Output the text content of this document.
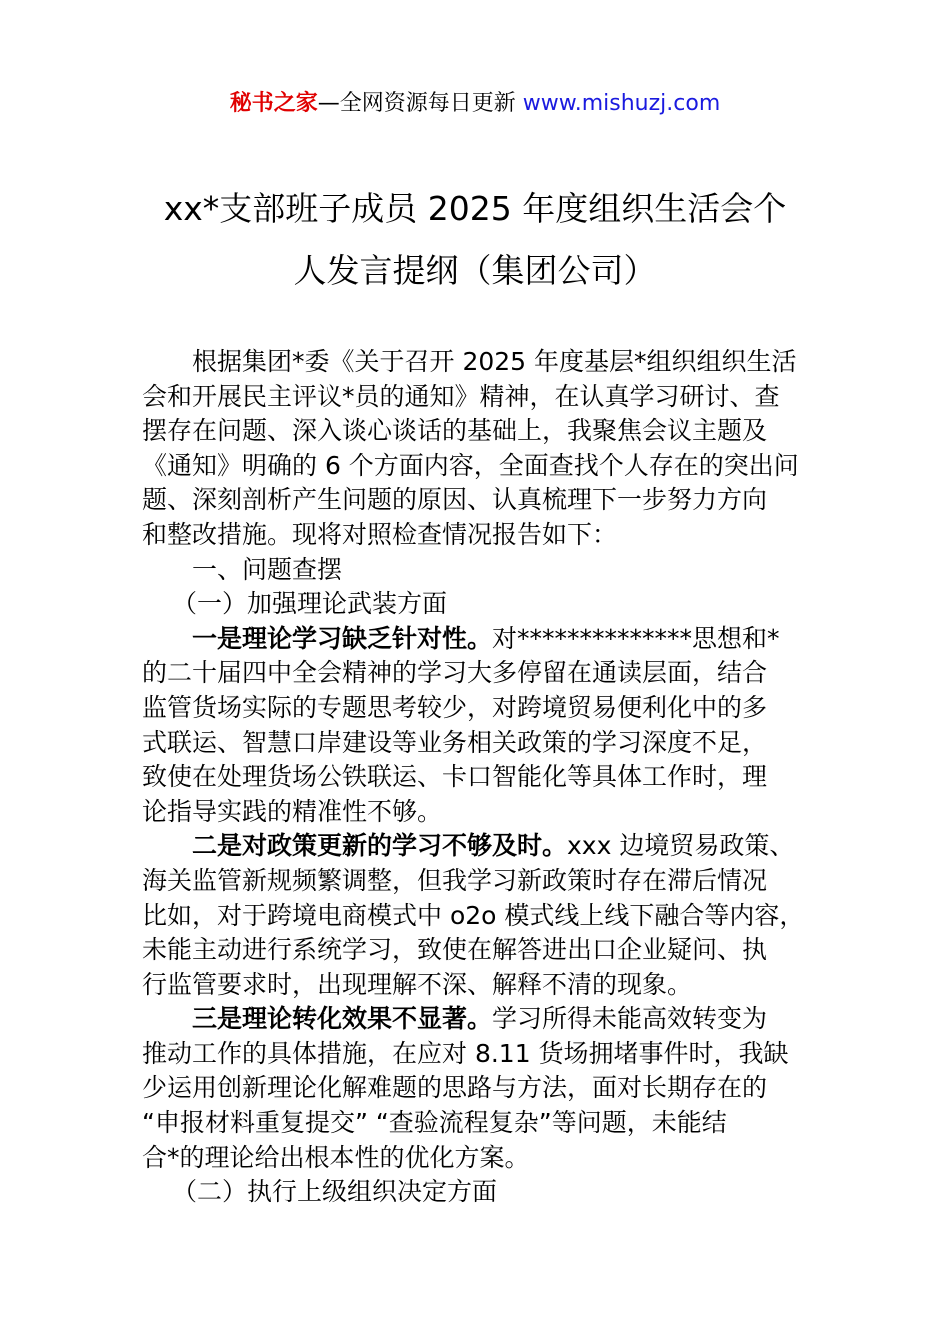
秘书之家—全网资源每日更新 www.mishuzj.com
xx*支部班子成员 2025 年度组织生活会个
人发言提纲（集团公司）
根据集团*委《关于召开 2025 年度基层*组织组织生活
会和开展民主评议*员的通知》精神，在认真学习研讨、查
摆存在问题、深入谈心谈话的基础上，我聚焦会议主题及
《通知》明确的 6 个方面内容，全面查找个人存在的突出问
题、深刻剖析产生问题的原因、认真梳理下一步努力方向
和整改措施。现将对照检查情况报告如下：
一、问题查摆
（一）加强理论武装方面
一是理论学习缺乏针对性。对**************思想和*
的二十届四中全会精神的学习大多停留在通读层面，结合
监管货场实际的专题思考较少，对跨境贸易便利化中的多
式联运、智慧口岸建设等业务相关政策的学习深度不足，
致使在处理货场公铁联运、卡口智能化等具体工作时，理
论指导实践的精准性不够。
二是对政策更新的学习不够及时。xxx 边境贸易政策、
海关监管新规频繁调整，但我学习新政策时存在滞后情况
比如，对于跨境电商模式中 o2o 模式线上线下融合等内容，
未能主动进行系统学习，致使在解答进出口企业疑问、执
行监管要求时，出现理解不深、解释不清的现象。
三是理论转化效果不显著。学习所得未能高效转变为
推动工作的具体措施，在应对 8.11 货场拥堵事件时，我缺
少运用创新理论化解难题的思路与方法，面对长期存在的
“申报材料重复提交” “查验流程复杂”等问题，未能结
合*的理论给出根本性的优化方案。
（二）执行上级组织决定方面
